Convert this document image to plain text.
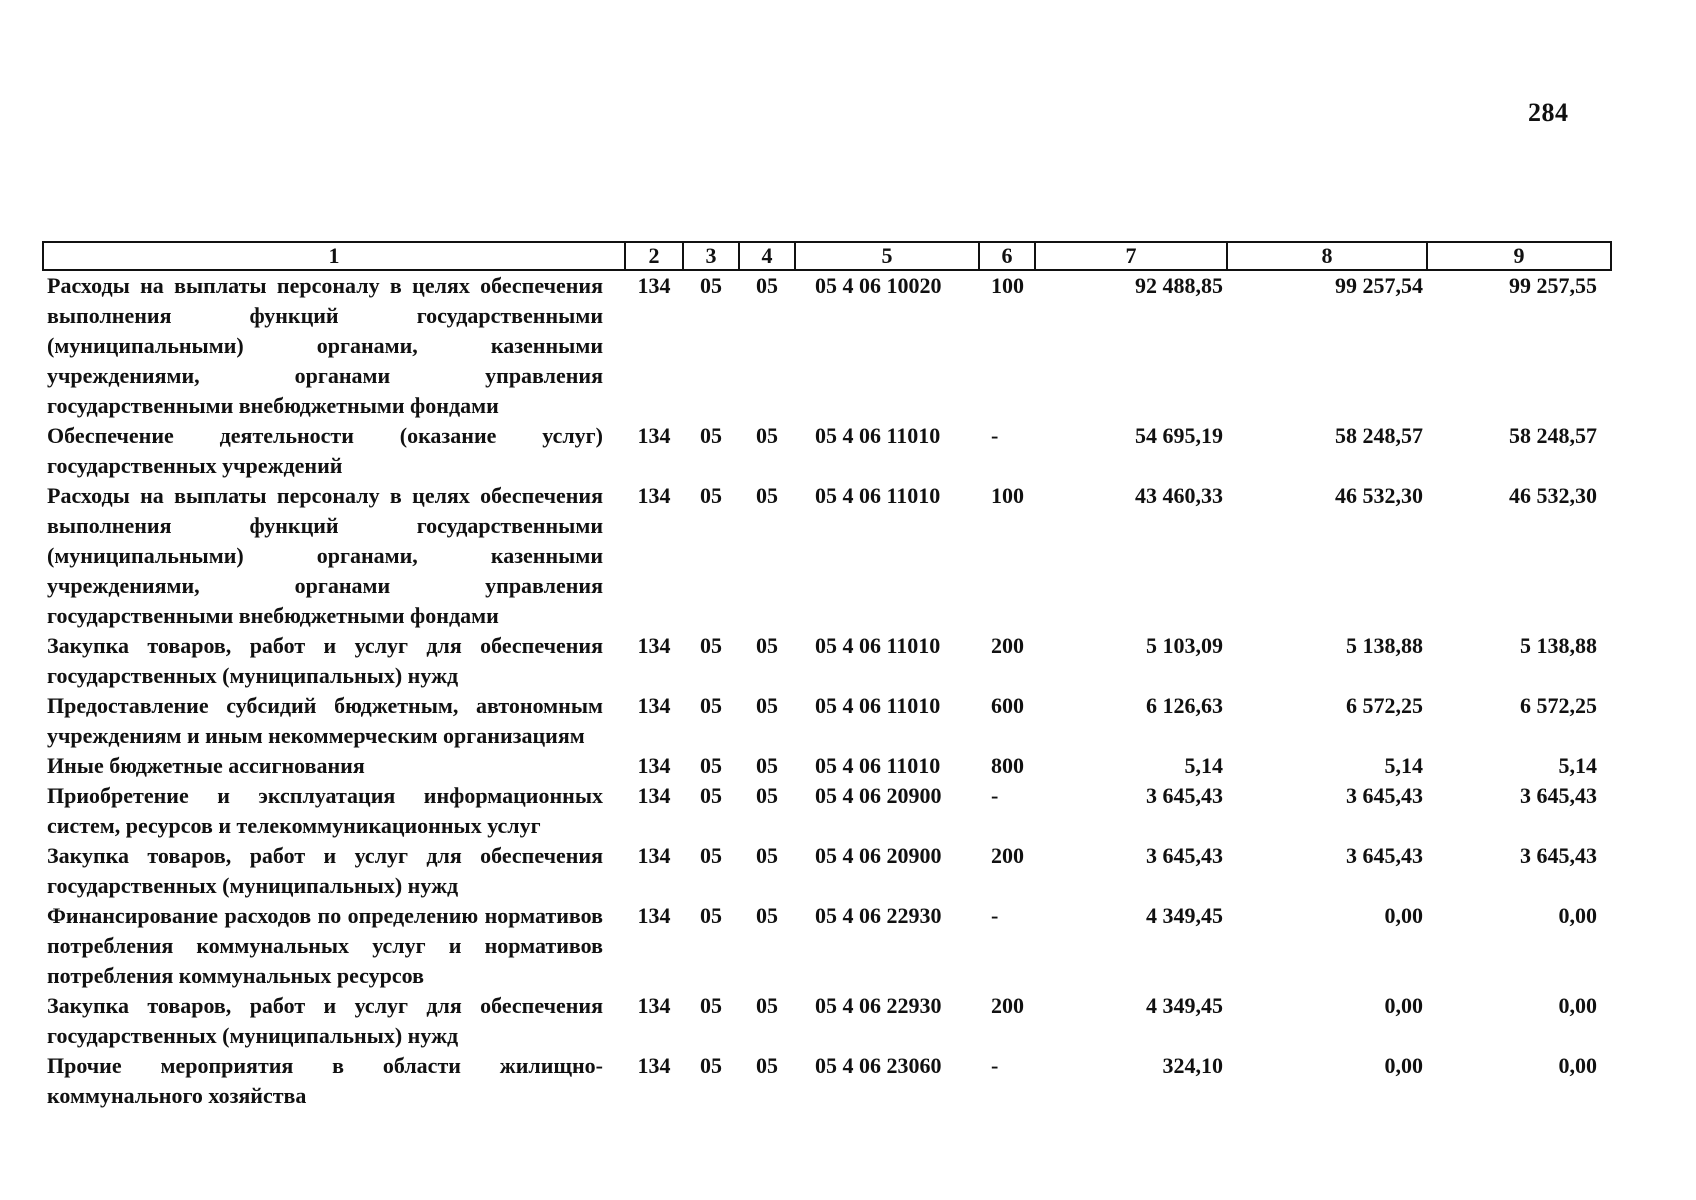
284
1	2	3	4	5	6	7	8	9
Расходы на выплаты персоналу в целях обеспечения выполнения функций государственными (муниципальными) органами, казенными учреждениями, органами управления государственными внебюджетными фондами	134	05	05	05 4 06 10020	100	92 488,85	99 257,54	99 257,55
Обеспечение деятельности (оказание услуг) государственных учреждений	134	05	05	05 4 06 11010	-	54 695,19	58 248,57	58 248,57
Расходы на выплаты персоналу в целях обеспечения выполнения функций государственными (муниципальными) органами, казенными учреждениями, органами управления государственными внебюджетными фондами	134	05	05	05 4 06 11010	100	43 460,33	46 532,30	46 532,30
Закупка товаров, работ и услуг для обеспечения государственных (муниципальных) нужд	134	05	05	05 4 06 11010	200	5 103,09	5 138,88	5 138,88
Предоставление субсидий бюджетным, автономным учреждениям и иным некоммерческим организациям	134	05	05	05 4 06 11010	600	6 126,63	6 572,25	6 572,25
Иные бюджетные ассигнования	134	05	05	05 4 06 11010	800	5,14	5,14	5,14
Приобретение и эксплуатация информационных систем, ресурсов и телекоммуникационных услуг	134	05	05	05 4 06 20900	-	3 645,43	3 645,43	3 645,43
Закупка товаров, работ и услуг для обеспечения государственных (муниципальных) нужд	134	05	05	05 4 06 20900	200	3 645,43	3 645,43	3 645,43
Финансирование расходов по определению нормативов потребления коммунальных услуг и нормативов потребления коммунальных ресурсов	134	05	05	05 4 06 22930	-	4 349,45	0,00	0,00
Закупка товаров, работ и услуг для обеспечения государственных (муниципальных) нужд	134	05	05	05 4 06 22930	200	4 349,45	0,00	0,00
Прочие мероприятия в области жилищно-коммунального хозяйства	134	05	05	05 4 06 23060	-	324,10	0,00	0,00
